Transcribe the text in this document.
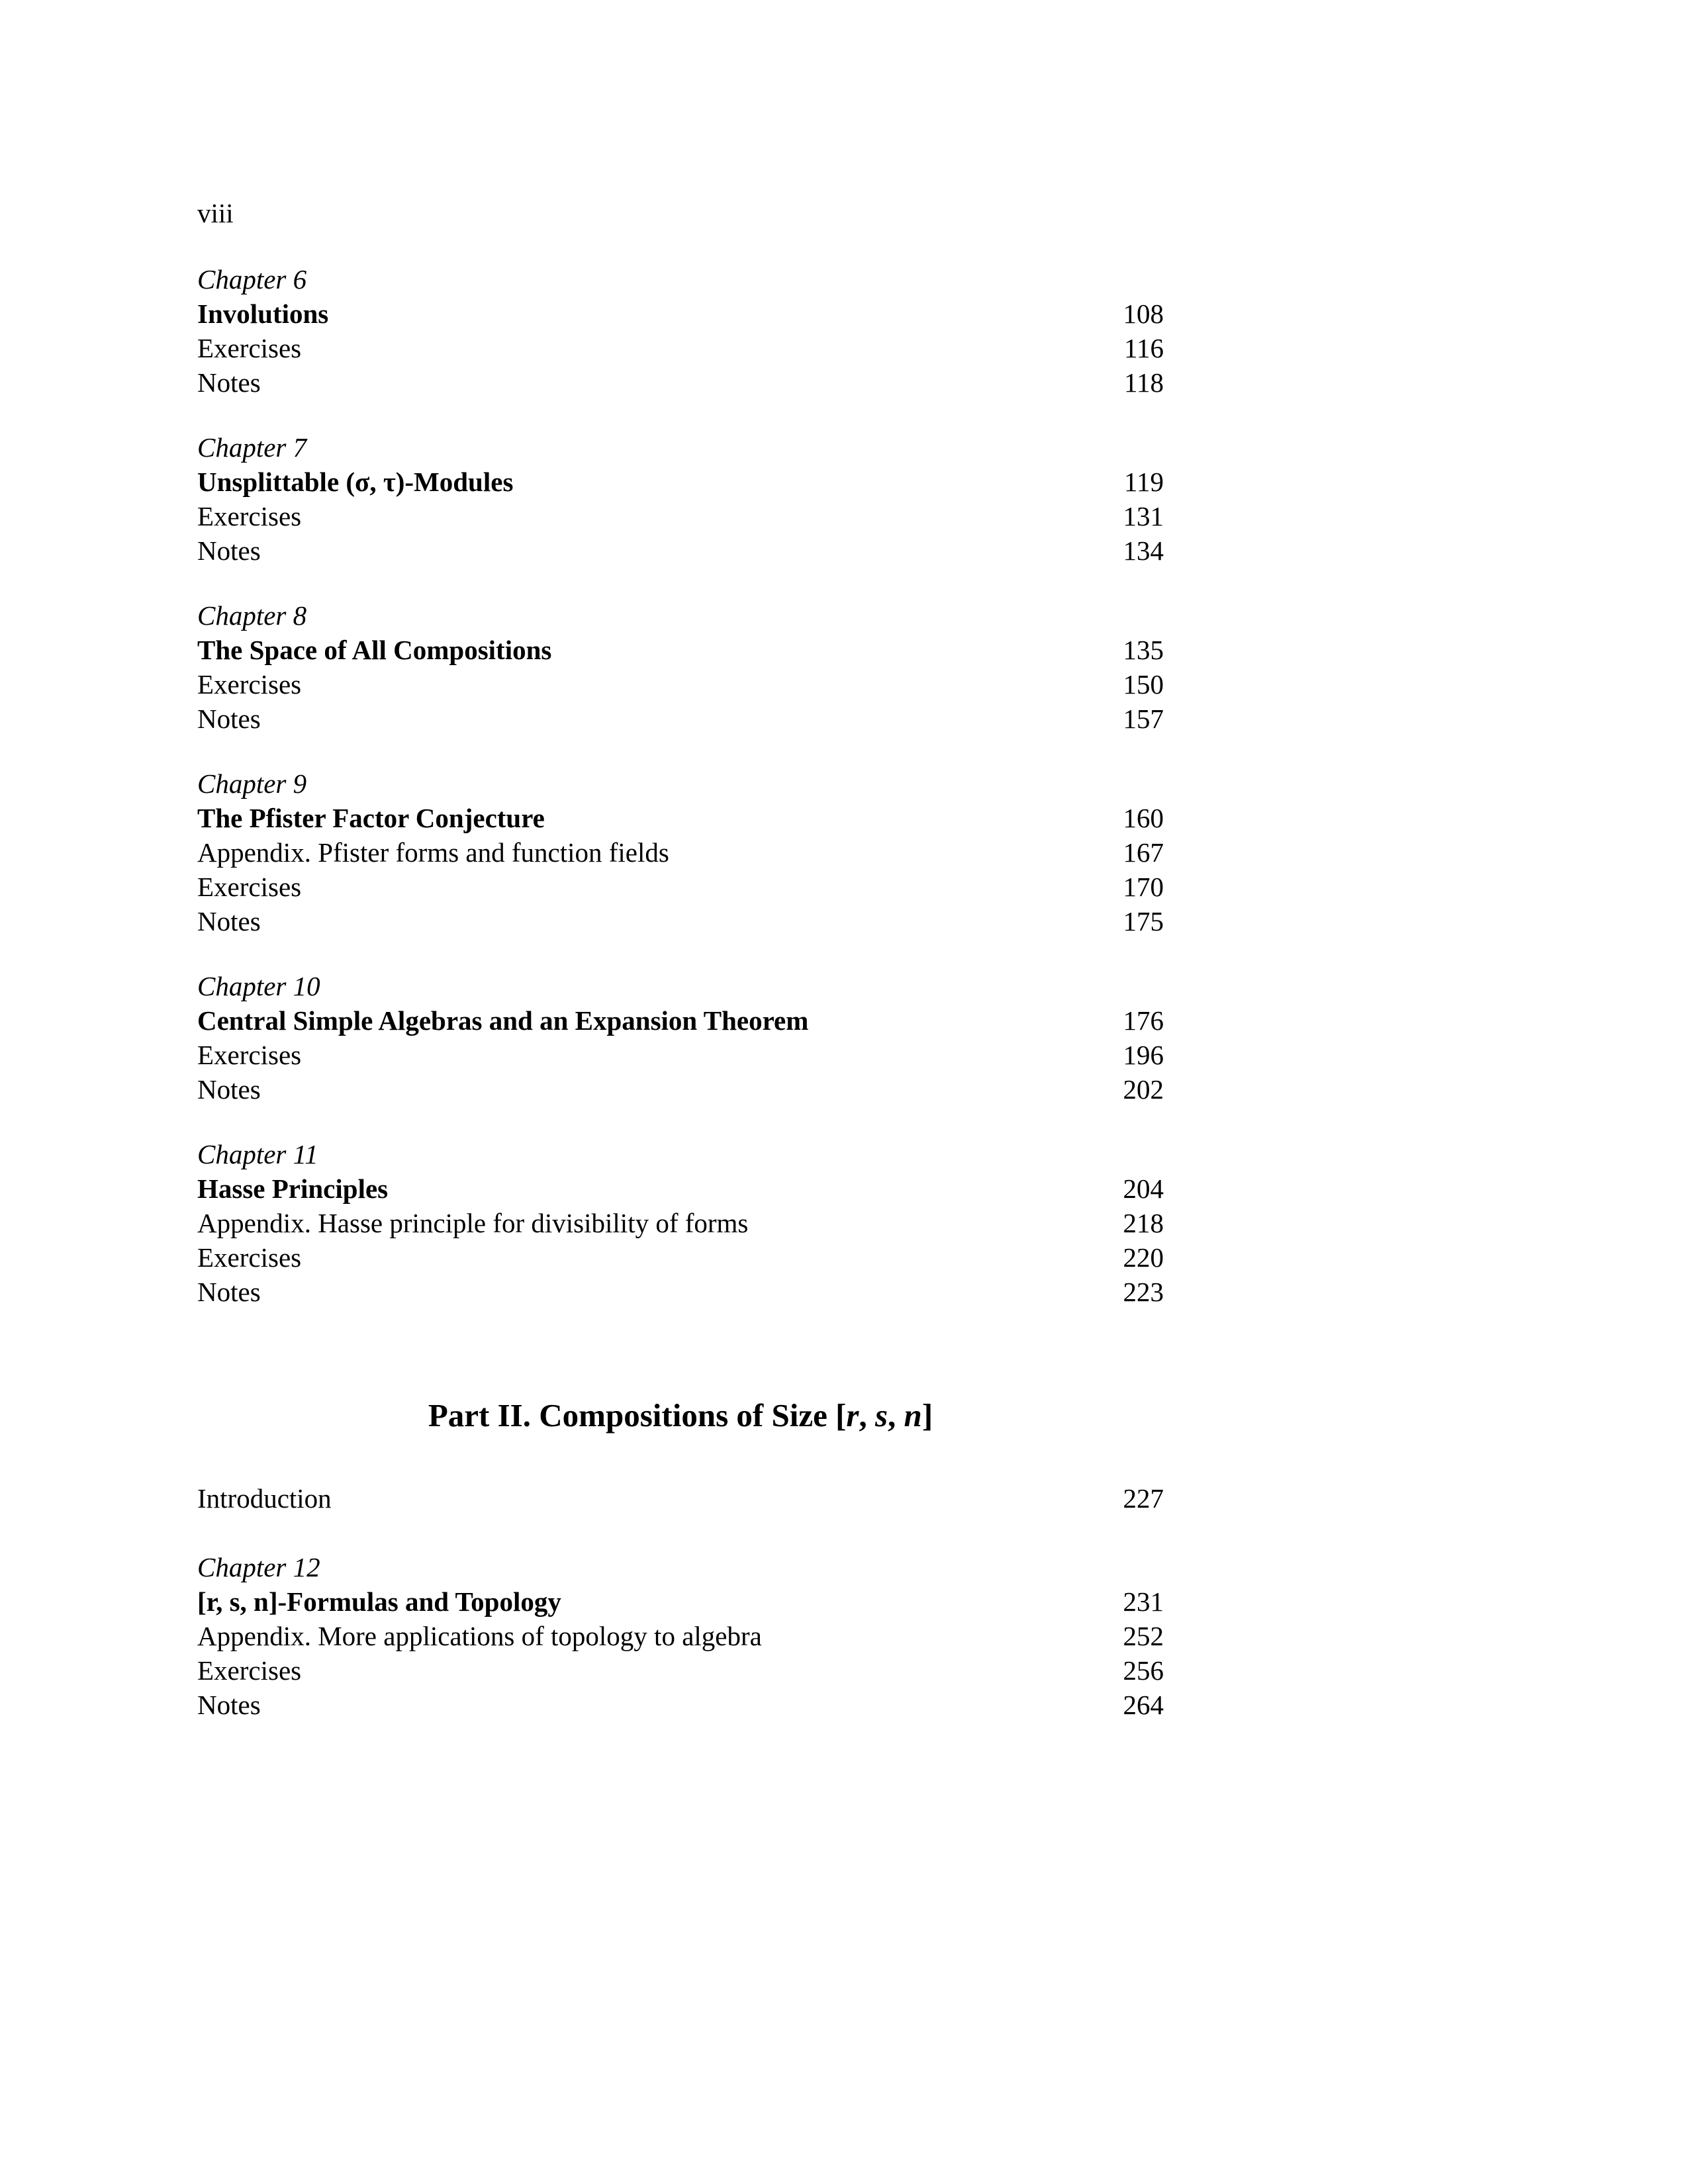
viii
Chapter 6
Involutions	108
Exercises	116
Notes	118
Chapter 7
Unsplittable (σ, τ)-Modules	119
Exercises	131
Notes	134
Chapter 8
The Space of All Compositions	135
Exercises	150
Notes	157
Chapter 9
The Pfister Factor Conjecture	160
Appendix. Pfister forms and function fields	167
Exercises	170
Notes	175
Chapter 10
Central Simple Algebras and an Expansion Theorem	176
Exercises	196
Notes	202
Chapter 11
Hasse Principles	204
Appendix. Hasse principle for divisibility of forms	218
Exercises	220
Notes	223
Part II. Compositions of Size [r, s, n]
Introduction	227
Chapter 12
[r, s, n]-Formulas and Topology	231
Appendix. More applications of topology to algebra	252
Exercises	256
Notes	264
